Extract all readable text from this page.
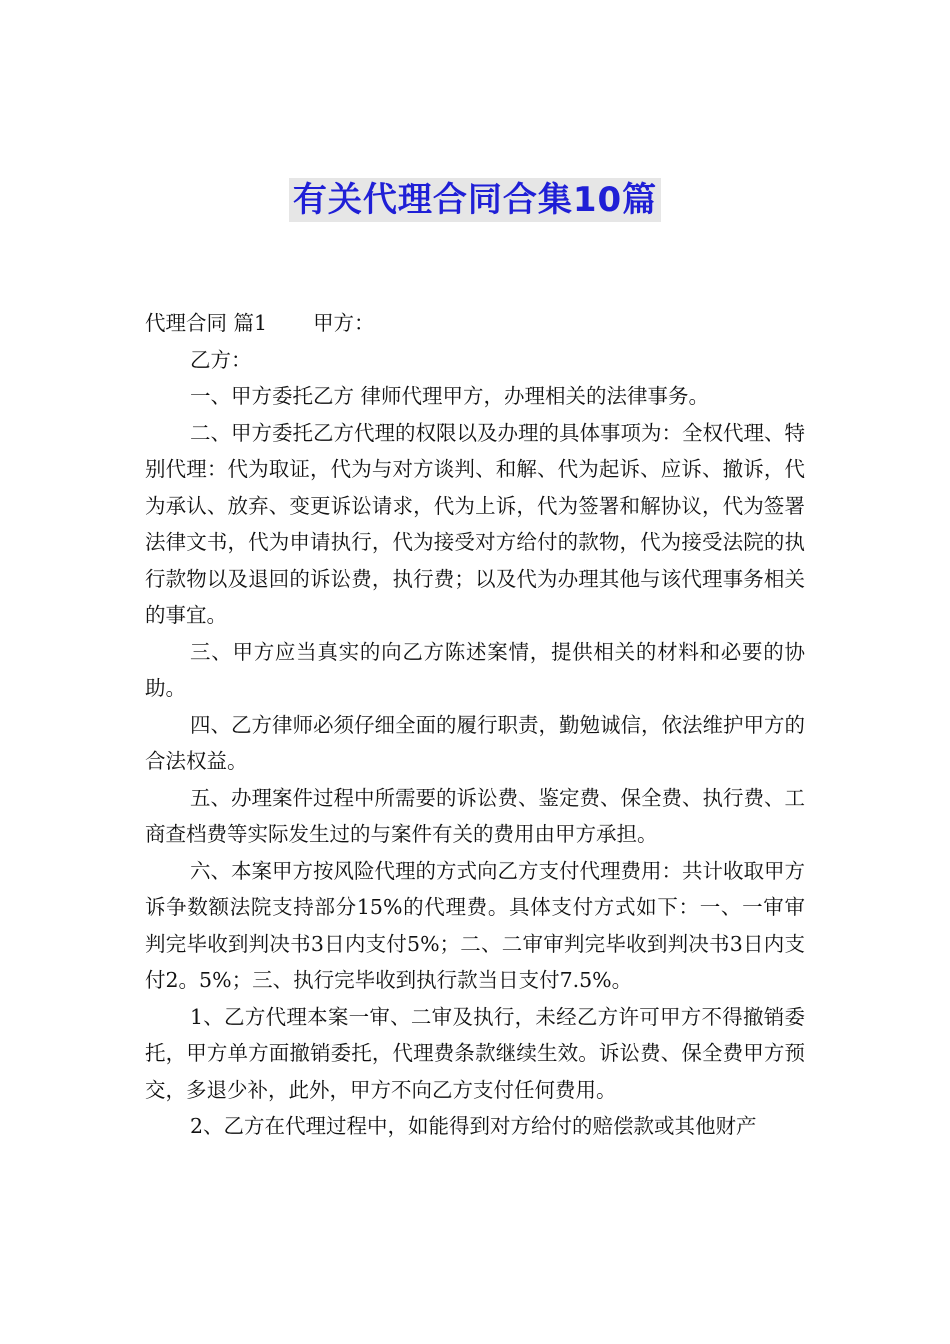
有关代理合同合集10篇

代理合同 篇1 甲方：

乙方：

一、甲方委托乙方 律师代理甲方，办理相关的法律事务。

二、甲方委托乙方代理的权限以及办理的具体事项为：全权代理、特别代理：代为取证，代为与对方谈判、和解、代为起诉、应诉、撤诉，代为承认、放弃、变更诉讼请求，代为上诉，代为签署和解协议，代为签署法律文书，代为申请执行，代为接受对方给付的款物，代为接受法院的执行款物以及退回的诉讼费，执行费；以及代为办理其他与该代理事务相关的事宜。

三、甲方应当真实的向乙方陈述案情，提供相关的材料和必要的协助。

四、乙方律师必须仔细全面的履行职责，勤勉诚信，依法维护甲方的合法权益。

五、办理案件过程中所需要的诉讼费、鉴定费、保全费、执行费、工商查档费等实际发生过的与案件有关的费用由甲方承担。

六、本案甲方按风险代理的方式向乙方支付代理费用：共计收取甲方诉争数额法院支持部分15%的代理费。具体支付方式如下：一、一审审判完毕收到判决书3日内支付5%；二、二审审判完毕收到判决书3日内支付2。5%；三、执行完毕收到执行款当日支付7.5%。

1、乙方代理本案一审、二审及执行，未经乙方许可甲方不得撤销委托，甲方单方面撤销委托，代理费条款继续生效。诉讼费、保全费甲方预交，多退少补，此外，甲方不向乙方支付任何费用。

2、乙方在代理过程中，如能得到对方给付的赔偿款或其他财产
